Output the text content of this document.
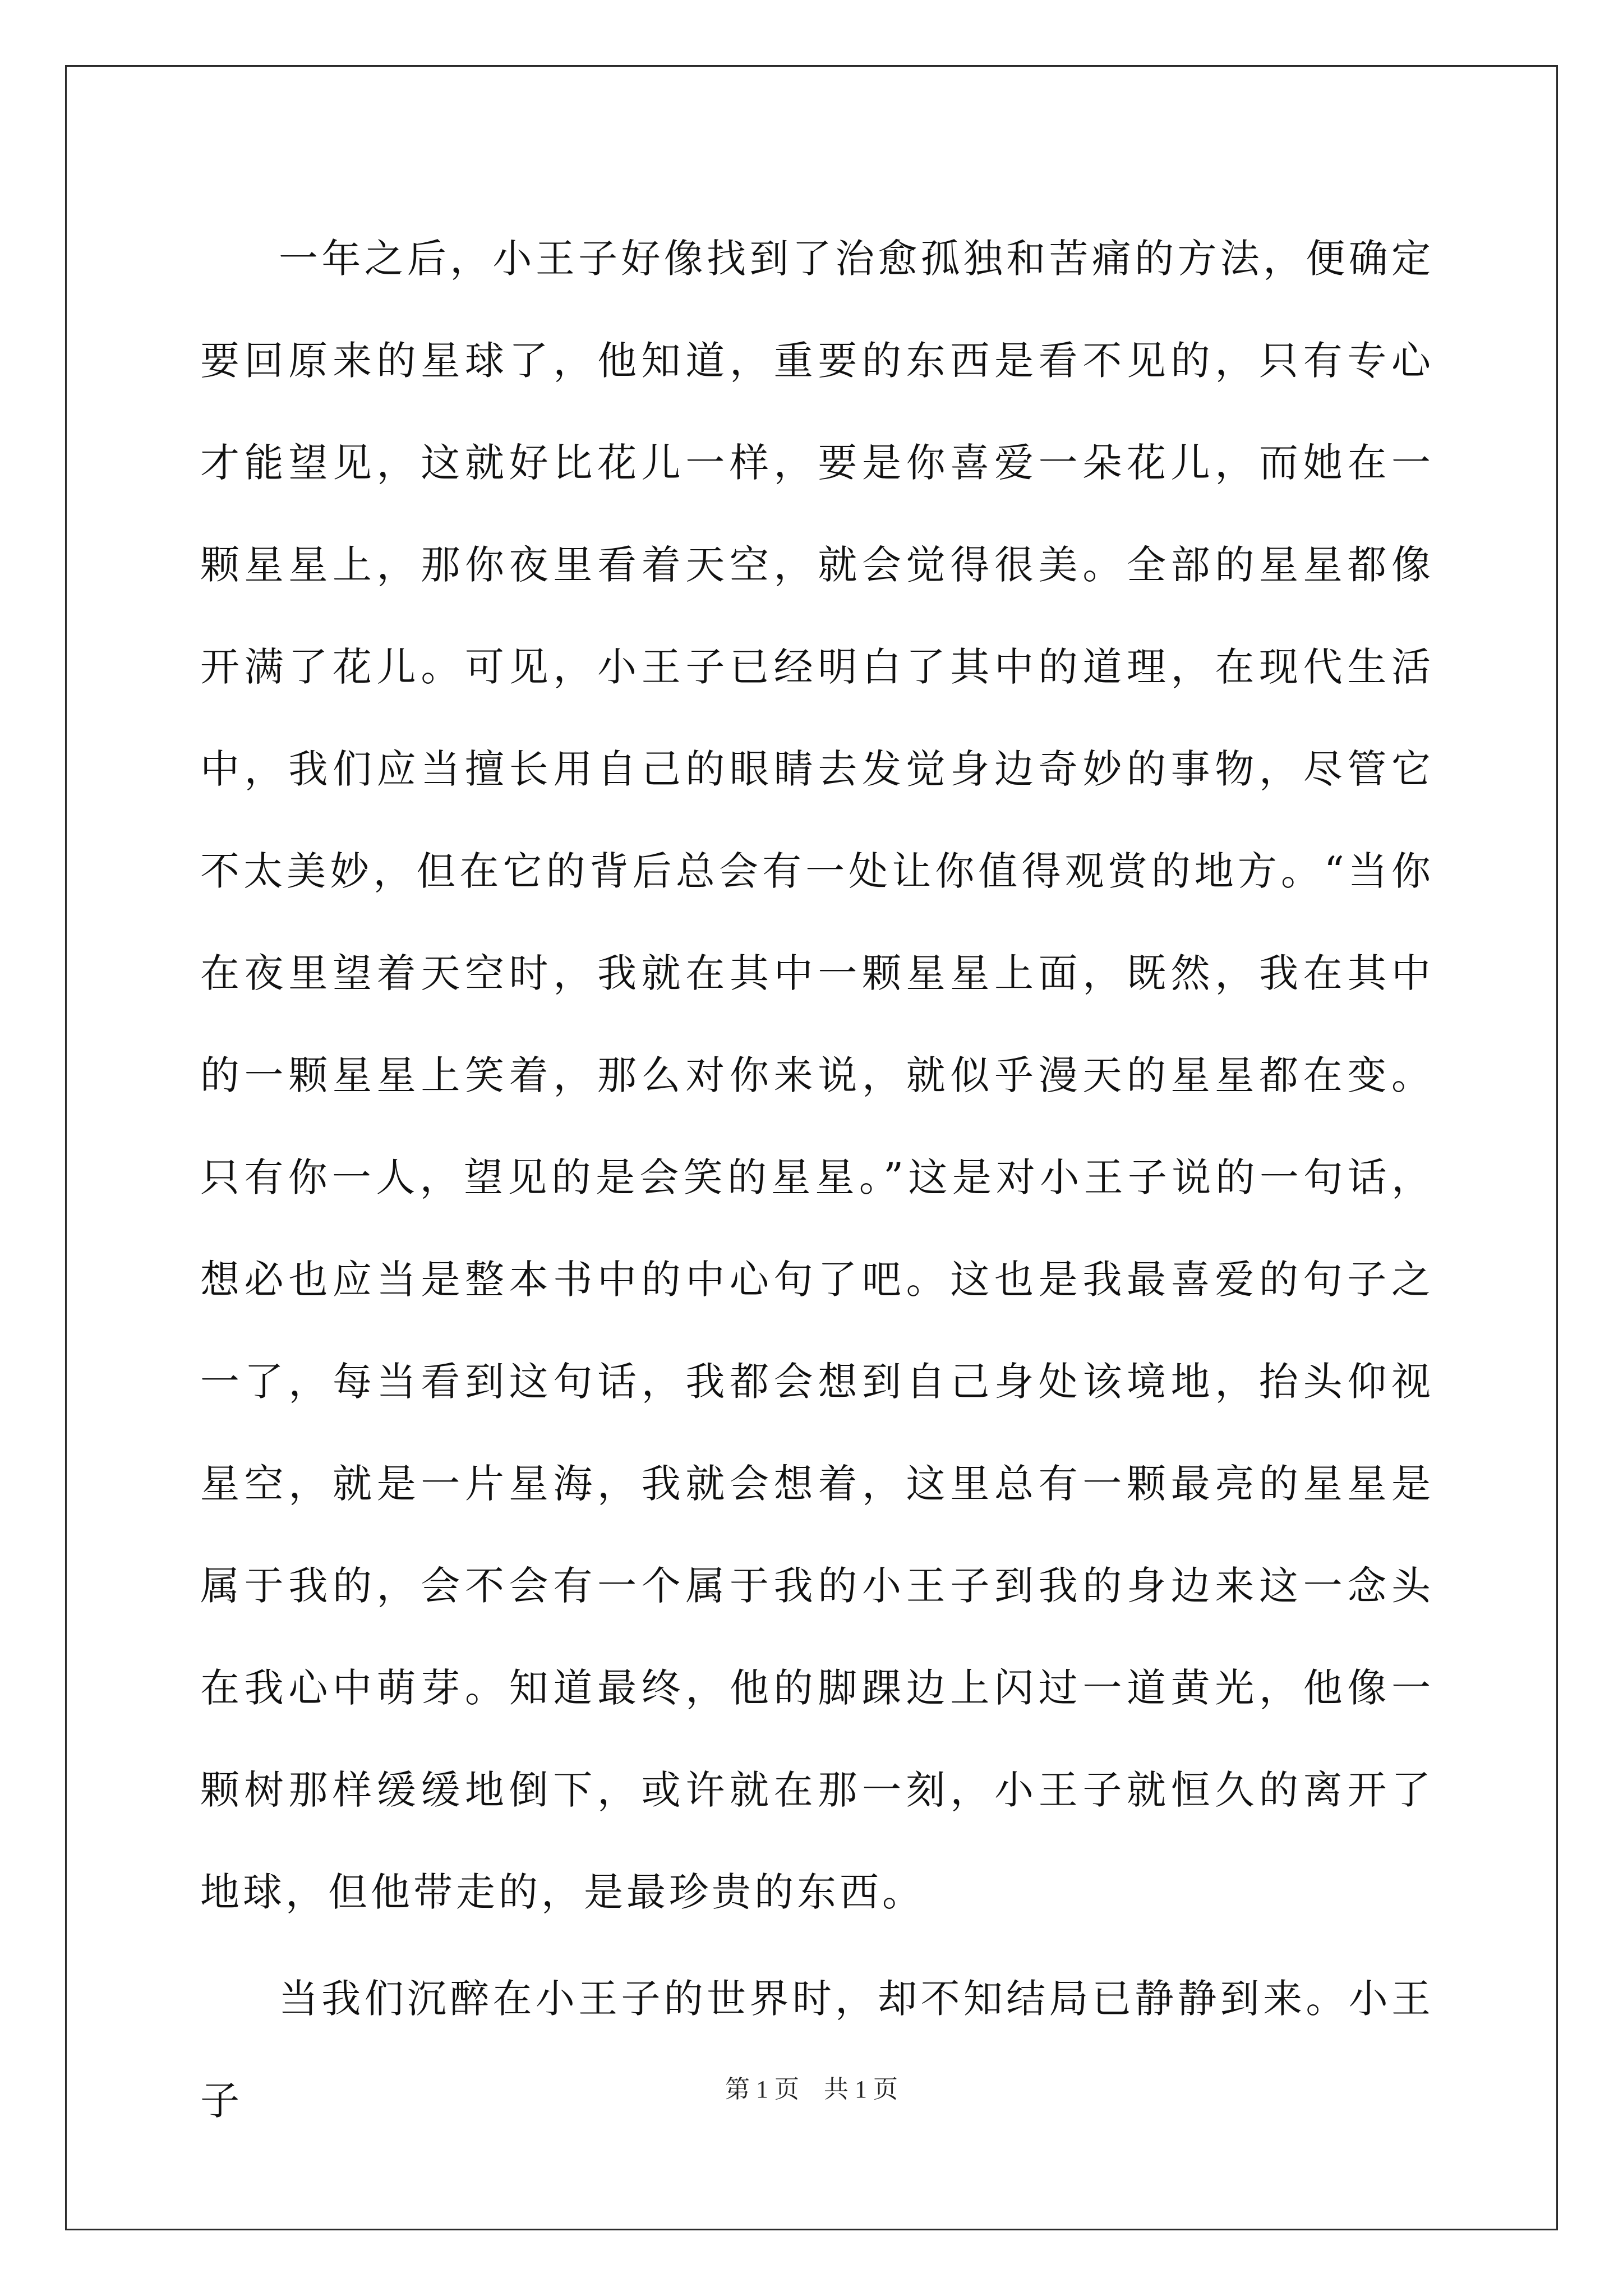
一年之后，小王子好像找到了治愈孤独和苦痛的方法，便确定要回原来的星球了，他知道，重要的东西是看不见的，只有专心才能望见，这就好比花儿一样，要是你喜爱一朵花儿，而她在一颗星星上，那你夜里看着天空，就会觉得很美。全部的星星都像开满了花儿。可见，小王子已经明白了其中的道理，在现代生活中，我们应当擅长用自己的眼睛去发觉身边奇妙的事物，尽管它不太美妙，但在它的背后总会有一处让你值得观赏的地方。“当你在夜里望着天空时，我就在其中一颗星星上面，既然，我在其中的一颗星星上笑着，那么对你来说，就似乎漫天的星星都在变。只有你一人，望见的是会笑的星星。”这是对小王子说的一句话，想必也应当是整本书中的中心句了吧。这也是我最喜爱的句子之一了，每当看到这句话，我都会想到自己身处该境地，抬头仰视星空，就是一片星海，我就会想着，这里总有一颗最亮的星星是属于我的，会不会有一个属于我的小王子到我的身边来这一念头在我心中萌芽。知道最终，他的脚踝边上闪过一道黄光，他像一颗树那样缓缓地倒下，或许就在那一刻，小王子就恒久的离开了地球，但他带走的，是最珍贵的东西。

当我们沉醉在小王子的世界时，却不知结局已静静到来。小王子	第 1 页　共 1 页
